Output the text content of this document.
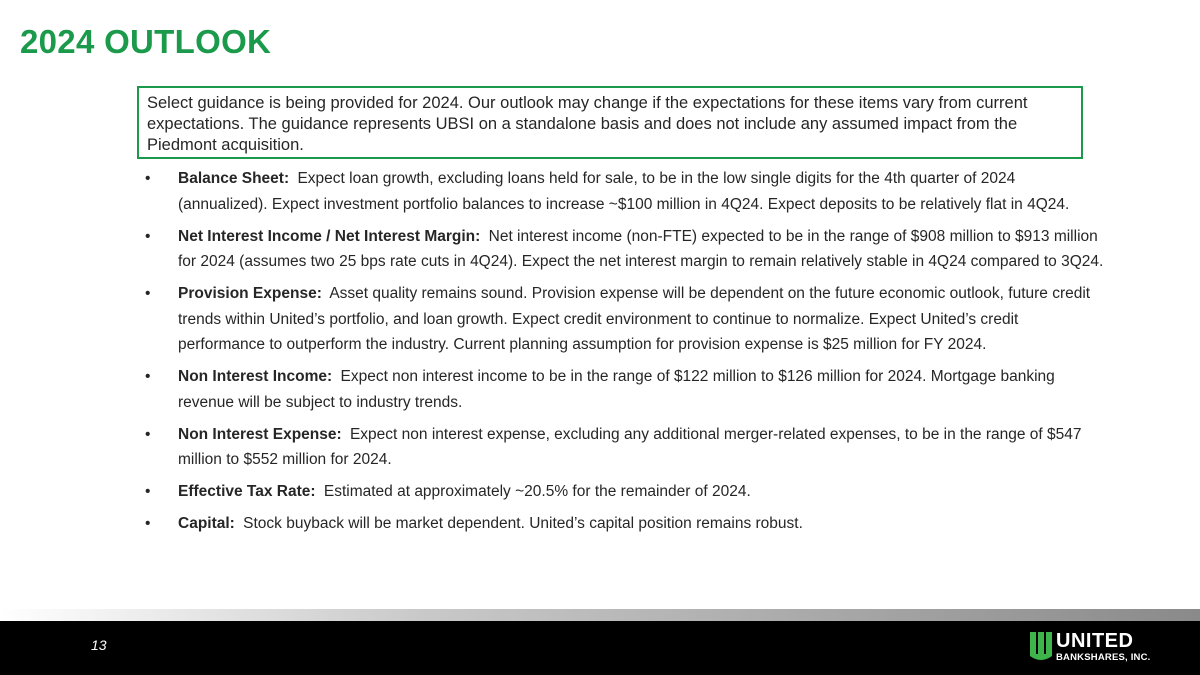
2024 OUTLOOK
Select guidance is being provided for 2024. Our outlook may change if the expectations for these items vary from current expectations. The guidance represents UBSI on a standalone basis and does not include any assumed impact from the Piedmont acquisition.
•	Balance Sheet: Expect loan growth, excluding loans held for sale, to be in the low single digits for the 4th quarter of 2024 (annualized). Expect investment portfolio balances to increase ~$100 million in 4Q24. Expect deposits to be relatively flat in 4Q24.
•	Net Interest Income / Net Interest Margin: Net interest income (non-FTE) expected to be in the range of $908 million to $913 million for 2024 (assumes two 25 bps rate cuts in 4Q24). Expect the net interest margin to remain relatively stable in 4Q24 compared to 3Q24.
•	Provision Expense: Asset quality remains sound. Provision expense will be dependent on the future economic outlook, future credit trends within United’s portfolio, and loan growth. Expect credit environment to continue to normalize. Expect United’s credit performance to outperform the industry. Current planning assumption for provision expense is $25 million for FY 2024.
•	Non Interest Income: Expect non interest income to be in the range of $122 million to $126 million for 2024. Mortgage banking revenue will be subject to industry trends.
•	Non Interest Expense: Expect non interest expense, excluding any additional merger-related expenses, to be in the range of $547 million to $552 million for 2024.
•	Effective Tax Rate: Estimated at approximately ~20.5% for the remainder of 2024.
•	Capital: Stock buyback will be market dependent. United’s capital position remains robust.
13	UNITED
BANKSHARES, INC.
